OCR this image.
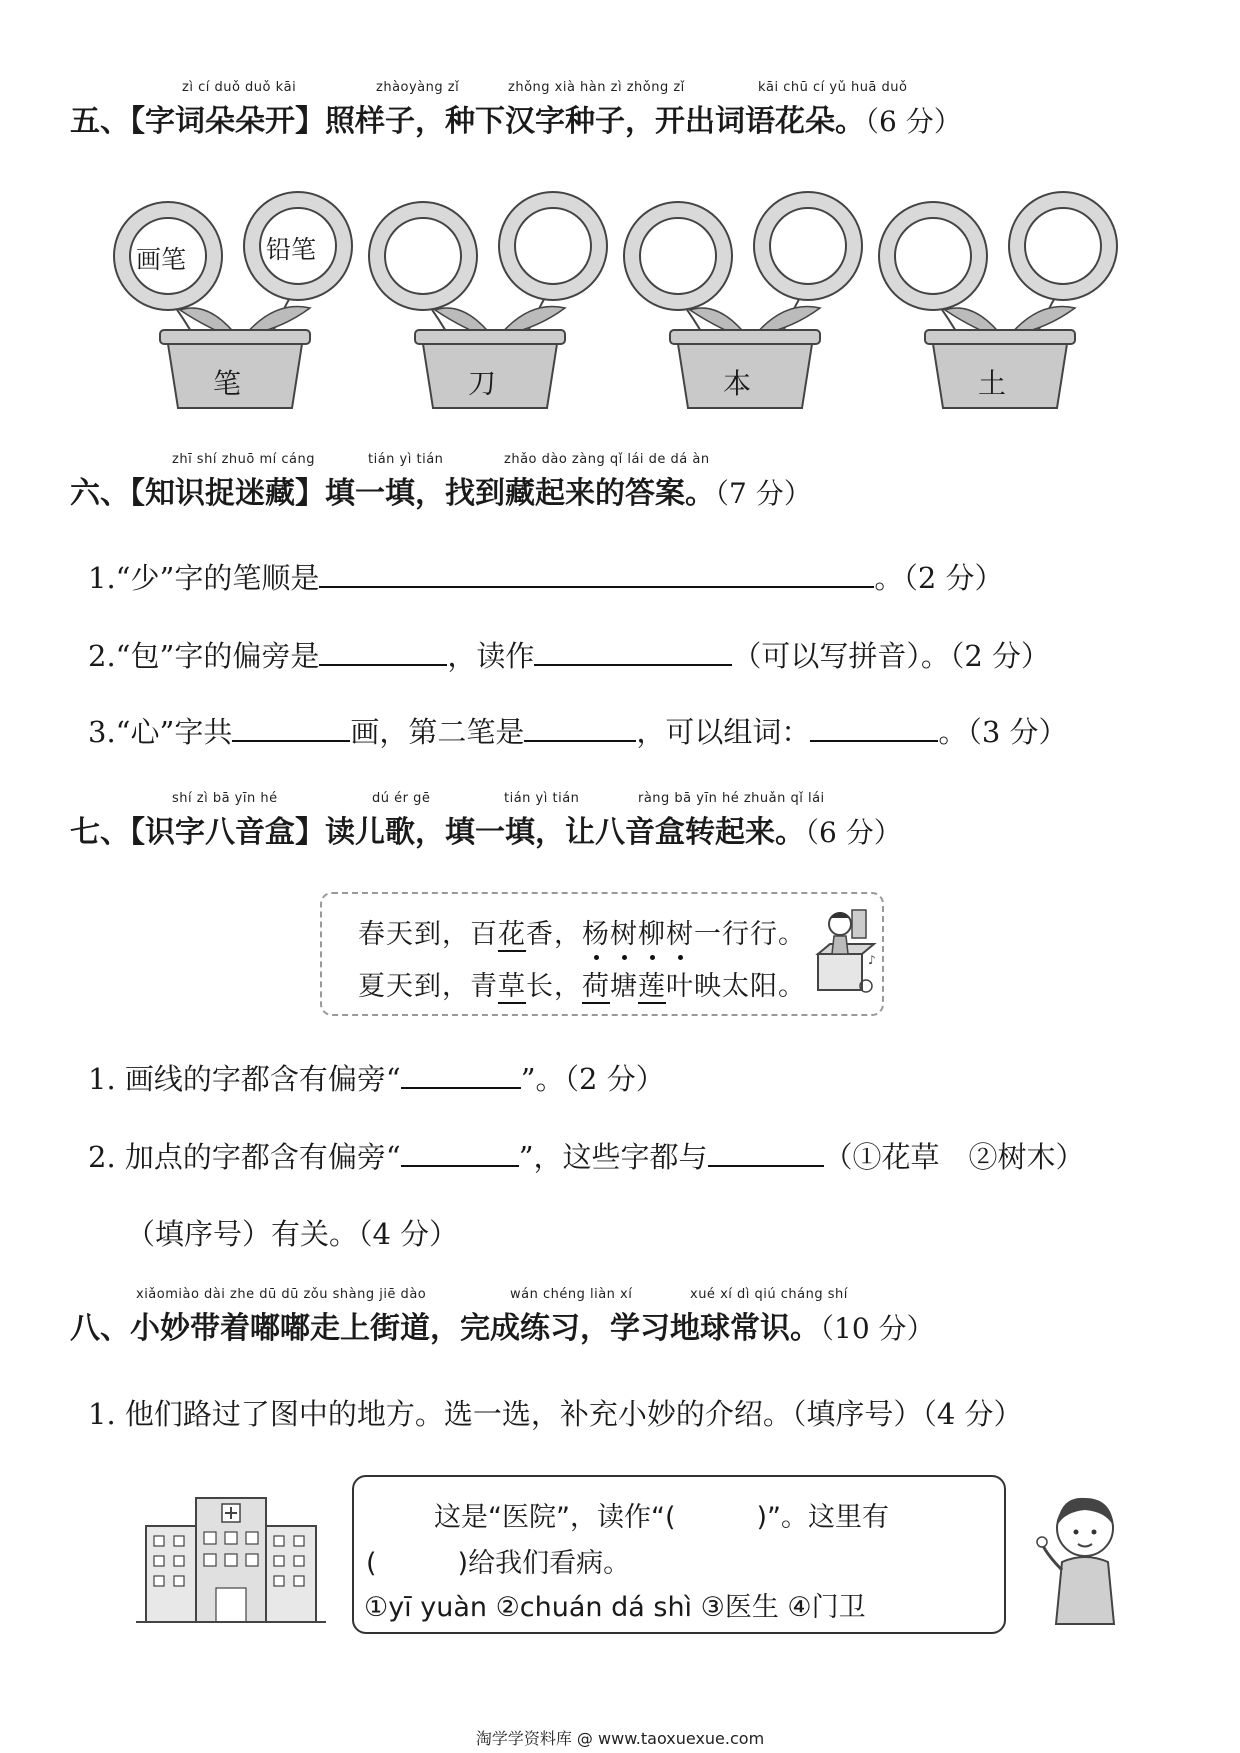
zì cí duǒ duǒ kāi	zhàoyàng zǐ	zhǒng xià hàn zì zhǒng zǐ	kāi chū cí yǔ huā duǒ
五、【字词朵朵开】照样子，种下汉字种子，开出词语花朵。（6 分）
画笔	铅笔
笔	刀	本	土
zhī shí zhuō mí cáng	tián yì tián	zhǎo dào zàng qǐ lái de dá àn
六、【知识捉迷藏】填一填，找到藏起来的答案。（7 分）
1.“少”字的笔顺是	。（2 分）
2.“包”字的偏旁是	，读作	（可以写拼音）。（2 分）
3.“心”字共	画，第二笔是	，可以组词：	。（3 分）
shí zì bā yīn hé	dú ér gē	tián yì tián	ràng bā yīn hé zhuǎn qǐ lái
七、【识字八音盒】读儿歌，填一填，让八音盒转起来。（6 分）
春天到，百花香，杨树柳树一行行。
夏天到，青草长，荷塘莲叶映太阳。
♪
1. 画线的字都含有偏旁“	”。（2 分）
2. 加点的字都含有偏旁“	”，这些字都与	（①花草　②树木）
（填序号）有关。（4 分）
xiǎomiào dài zhe dū dū zǒu shàng jiē dào	wán chéng liàn xí	xué xí dì qiú cháng shí
八、小妙带着嘟嘟走上街道，完成练习，学习地球常识。（10 分）
1. 他们路过了图中的地方。选一选，补充小妙的介绍。（填序号）（4 分）
这是“医院”，读作“(　　　)”。这里有
(　　　)给我们看病。
①yī yuàn ②chuán dá shì ③医生 ④门卫
淘学学资料库 @ www.taoxuexue.com
